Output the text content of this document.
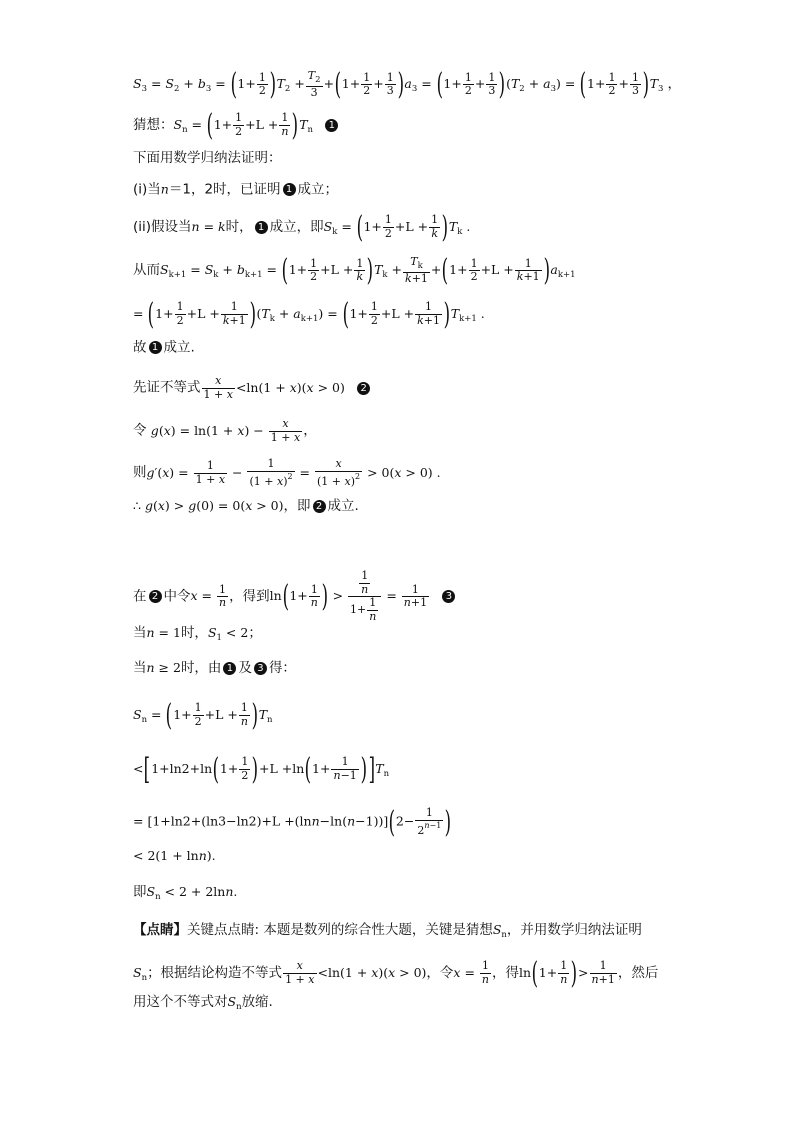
$S_3 = S_2 + b_3 = (1+ \frac{1}{2} )T_2 + \frac{T_2}{3} +(1+ \frac{1}{2} + \frac{1}{3} )a_3 = (1+ \frac{1}{2} + \frac{1}{3} )(T_2 + a_3) = (1+ \frac{1}{2} + \frac{1}{3} )T_3$ ，
猜想：$S_n = (1+ \frac{1}{2} +L + \frac{1}{n} )T_n$ 1
下面用数学归纳法证明：
(i)当n＝1，2时，已证明 1 成立；
(ii)假设当n = k时， 1 成立，即$S_k = (1+ \frac{1}{2} +L + \frac{1}{k} )T_k$ .
从而$S_{k+1} = S_k + b_{k+1} = (1+ \frac{1}{2} +L + \frac{1}{k} )T_k + \frac{T_k}{k+1} +(1+ \frac{1}{2} +L + \frac{1}{k+1} )a_{k+1}$
= $(1+ \frac{1}{2} +L + \frac{1}{k+1} )(T_k + a_{k+1}) = (1+ \frac{1}{2} +L + \frac{1}{k+1} )T_{k+1}$ .
故 1 成立.
先证不等式 $\frac{x}{1 + x} <\ln(1 + x)(x > 0)$ 2
令 $g(x) = \ln(1 + x) - \frac{x}{1 + x}$ ，
则$g'(x) = \frac{1}{1 + x} - \frac{1}{(1 + x)^2} = \frac{x}{(1 + x)^2} > 0(x > 0)$ .
∴ g(x) > g(0) = 0(x > 0)，即 2 成立.
在 2 中令$x = \frac{1}{n}$ ，得到$\ln(1+ \frac{1}{n}$ ) > $\frac{\frac{1}{n}}{1+ \frac{1}{n}} = \frac{1}{n+1} 3$
当n = 1时，$S_1 < 2$；
当n ≥ 2时，由 1 及 3 得：
$S_n = (1+ \frac{1}{2} +L + \frac{1}{n} )T_n$
$<[1+\ln 2+\ln(1+ \frac{1}{2} )+L +\ln(1+ \frac{1}{n-1} )]T_n$
= $[1+\ln 2+(\ln 3-\ln 2)+L +(\ln n-\ln(n-1))](2- \frac{1}{2^{n-1}}$ )
< 2(1 + lnn).
即$S_n < 2 + 2\ln n$.
【点睛】关键点点睛: 本题是数列的综合性大题，关键是猜想$S_n$，并用数学归纳法证明
$S_n$；根据结论构造不等式 $\frac{x}{1 + x} <\ln(1 + x)(x > 0)$，令$x = \frac{1}{n}$ ，得$\ln(1+ \frac{1}{n}$ )> $\frac{1}{n+1}$ ，然后
用这个不等式对$S_n$放缩.
